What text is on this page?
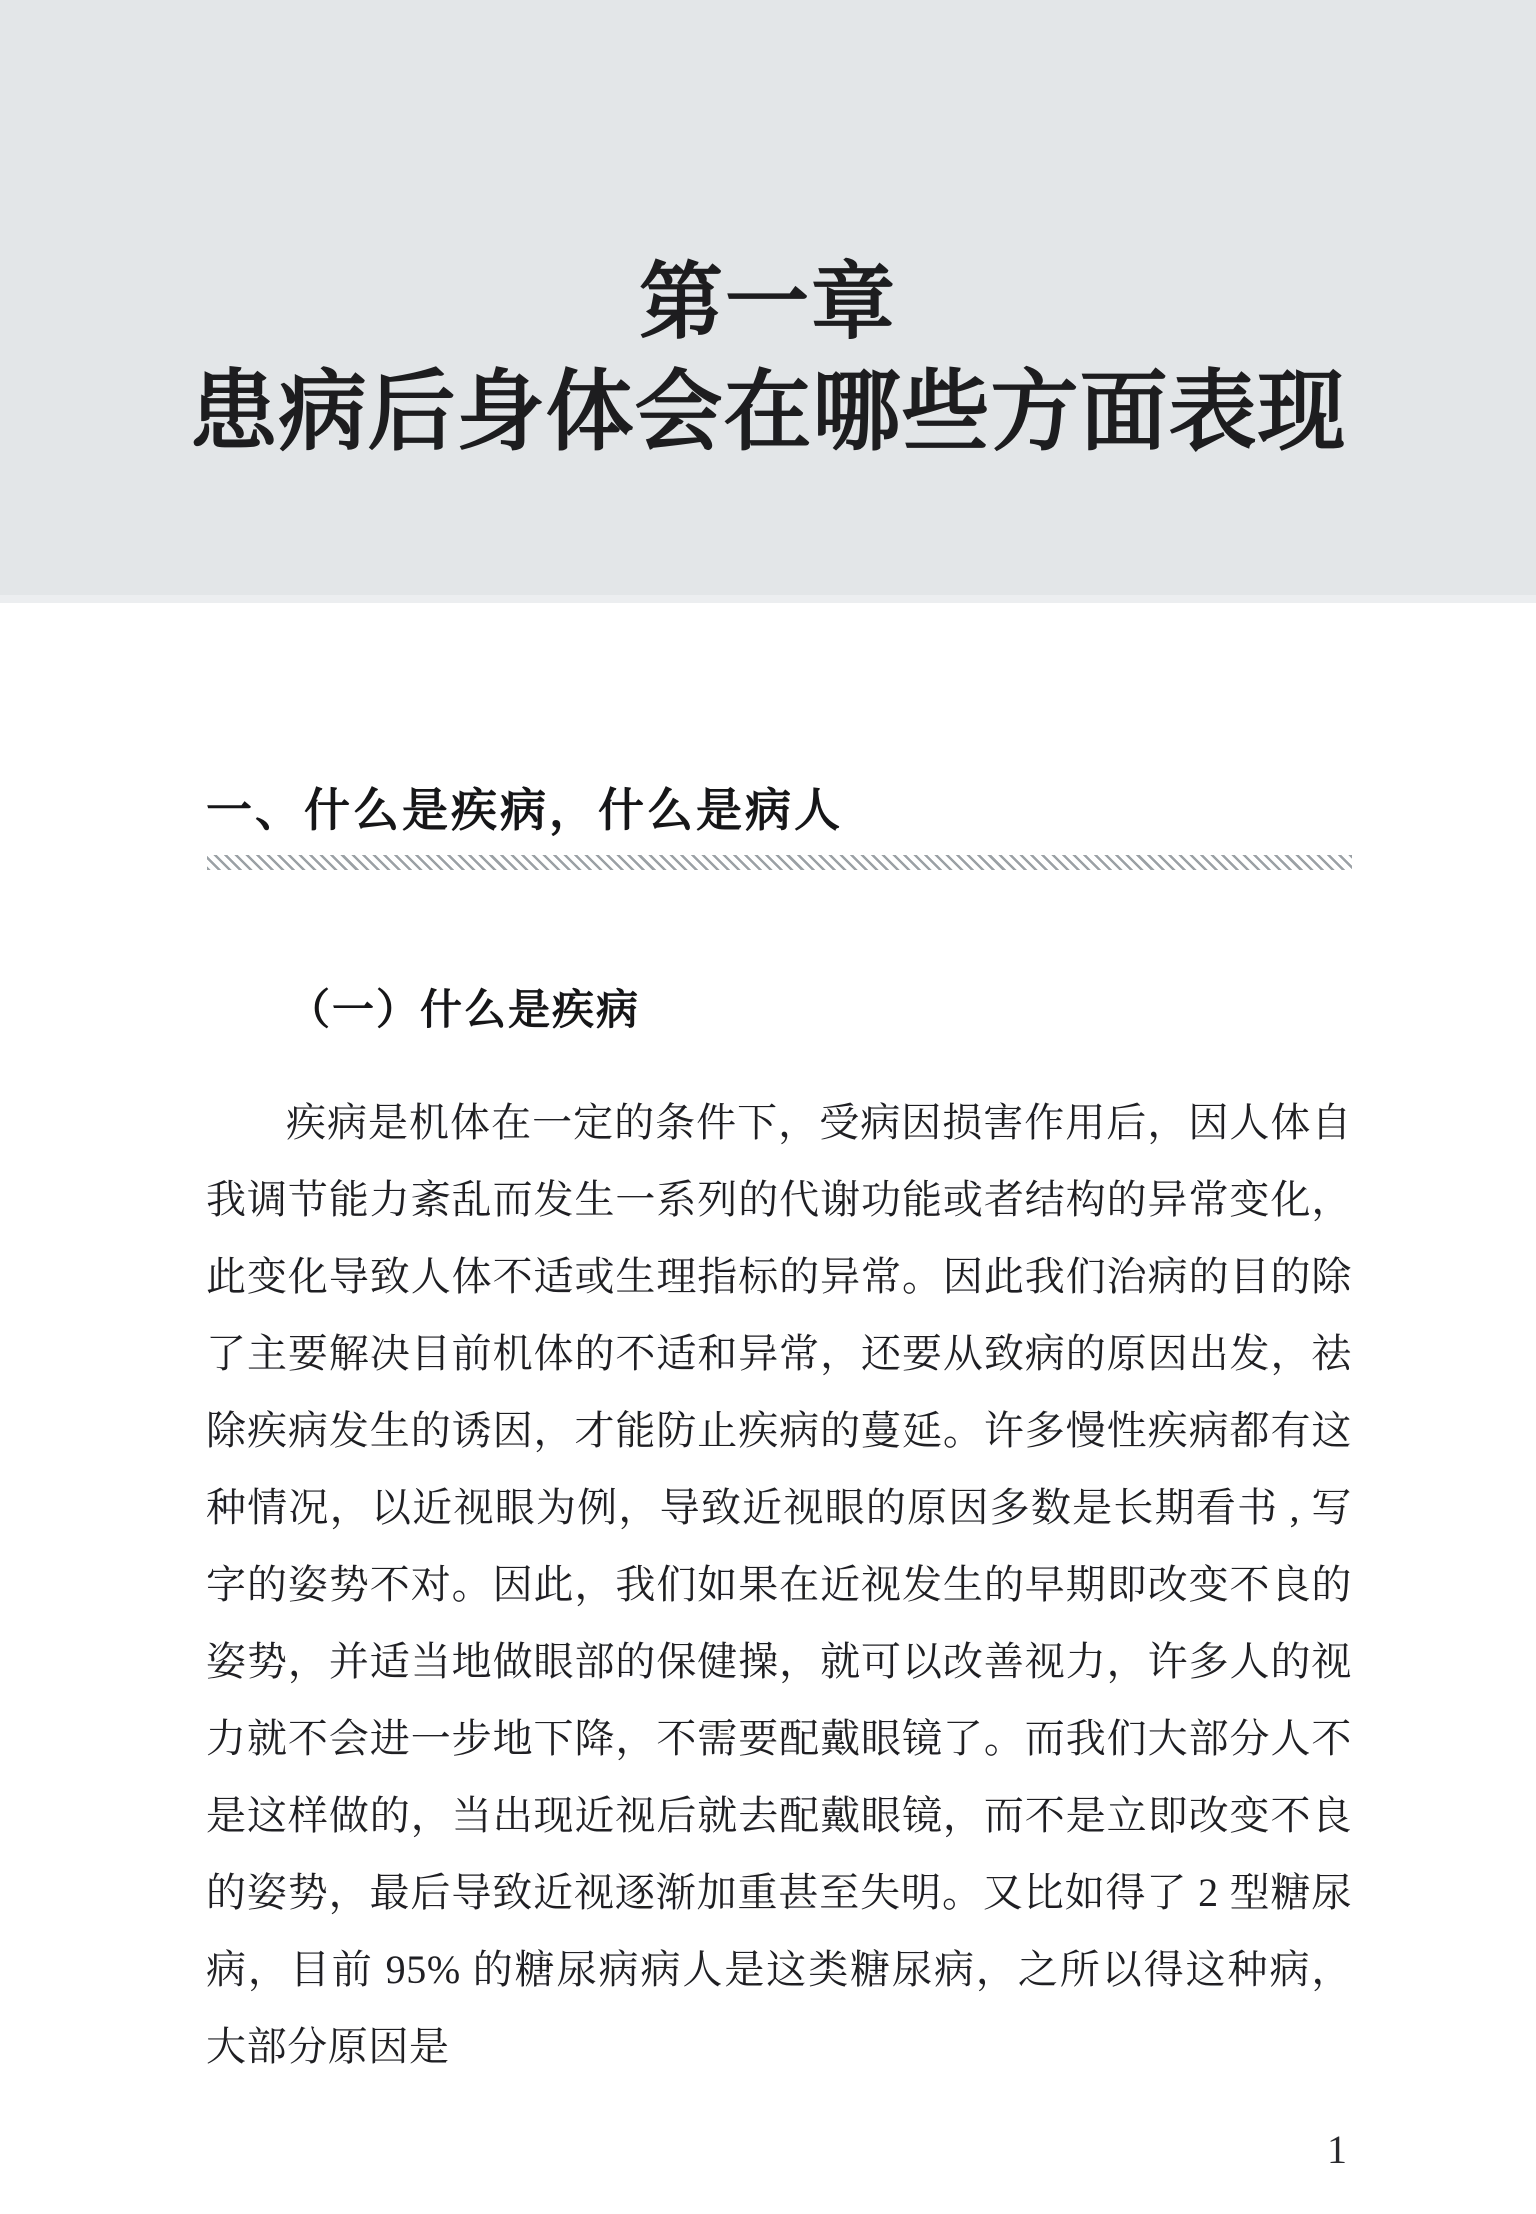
第一章
患病后身体会在哪些方面表现
一、什么是疾病，什么是病人
（一）什么是疾病

疾病是机体在一定的条件下，受病因损害作用后，因人体自我调节能力紊乱而发生一系列的代谢功能或者结构的异常变化，此变化导致人体不适或生理指标的异常。因此我们治病的目的除了主要解决目前机体的不适和异常，还要从致病的原因出发，祛除疾病发生的诱因，才能防止疾病的蔓延。许多慢性疾病都有这种情况，以近视眼为例，导致近视眼的原因多数是长期看书 , 写字的姿势不对。因此，我们如果在近视发生的早期即改变不良的姿势，并适当地做眼部的保健操，就可以改善视力，许多人的视力就不会进一步地下降，不需要配戴眼镜了。而我们大部分人不是这样做的，当出现近视后就去配戴眼镜，而不是立即改变不良的姿势，最后导致近视逐渐加重甚至失明。又比如得了 2 型糖尿病，目前 95% 的糖尿病病人是这类糖尿病，之所以得这种病，大部分原因是

1
